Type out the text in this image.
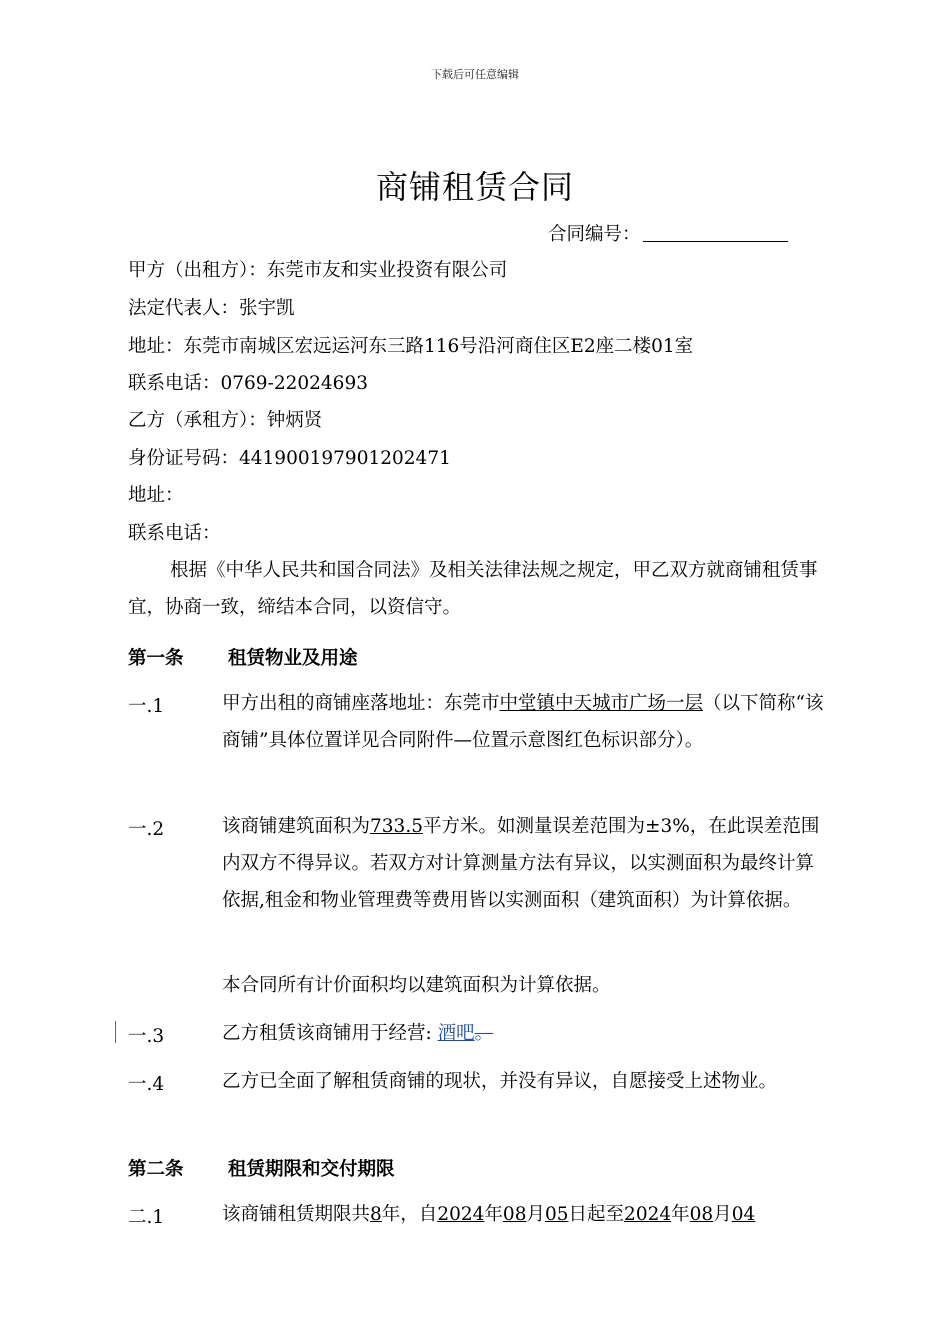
下载后可任意编辑
商铺租赁合同
合同编号：
甲方（出租方）：东莞市友和实业投资有限公司
法定代表人：张宇凯
地址：东莞市南城区宏远运河东三路116号沿河商住区E2座二楼01室
联系电话：0769-22024693
乙方（承租方）：钟炳贤
身份证号码：441900197901202471
地址：
联系电话：
根据《中华人民共和国合同法》及相关法律法规之规定，甲乙双方就商铺租赁事宜，协商一致，缔结本合同，以资信守。
第一条 租赁物业及用途
一.1	甲方出租的商铺座落地址：东莞市中堂镇中天城市广场一层（以下简称“该商铺”具体位置详见合同附件—位置示意图红色标识部分）。
一.2	该商铺建筑面积为733.5平方米。如测量误差范围为±3%，在此误差范围内双方不得异议。若双方对计算测量方法有异议，以实测面积为最终计算依据,租金和物业管理费等费用皆以实测面积（建筑面积）为计算依据。
本合同所有计价面积均以建筑面积为计算依据。
一.3	乙方租赁该商铺用于经营: 酒吧。
一.4	乙方已全面了解租赁商铺的现状，并没有异议，自愿接受上述物业。
第二条 租赁期限和交付期限
二.1	该商铺租赁期限共8年，自2024年08月05日起至2024年08月04
